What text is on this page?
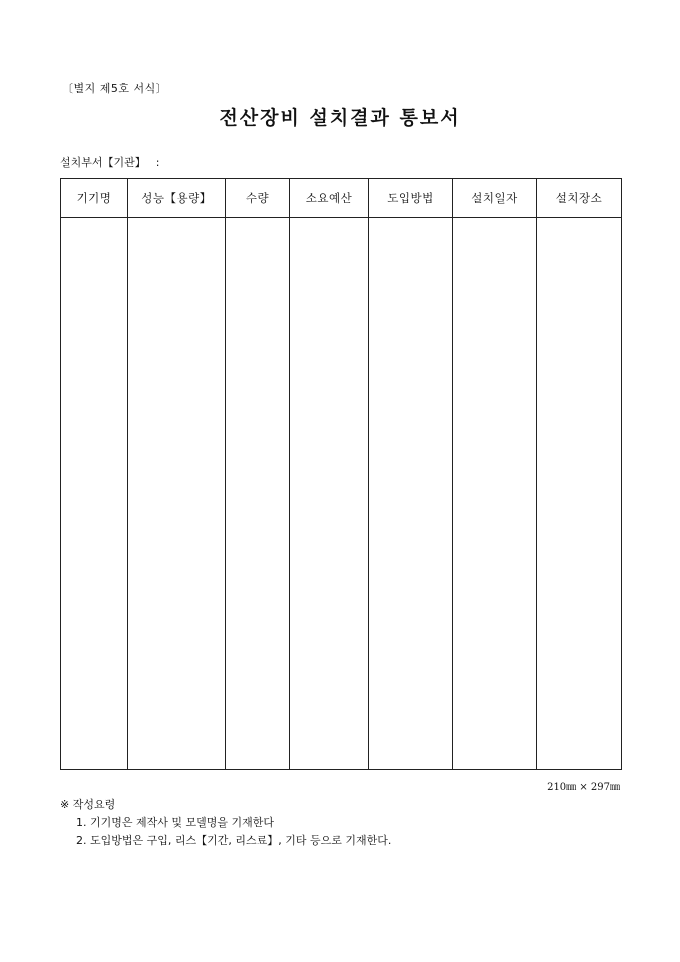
〔별지 제5호 서식〕
전산장비 설치결과 통보서
설치부서【기관】 :
기기명	성능【용량】	수량	소요예산	도입방법	설치일자	설치장소

210㎜ × 297㎜
※ 작성요령
1. 기기명은 제작사 및 모델명을 기재한다
2. 도입방법은 구입, 리스【기간, 리스료】, 기타 등으로 기재한다.
